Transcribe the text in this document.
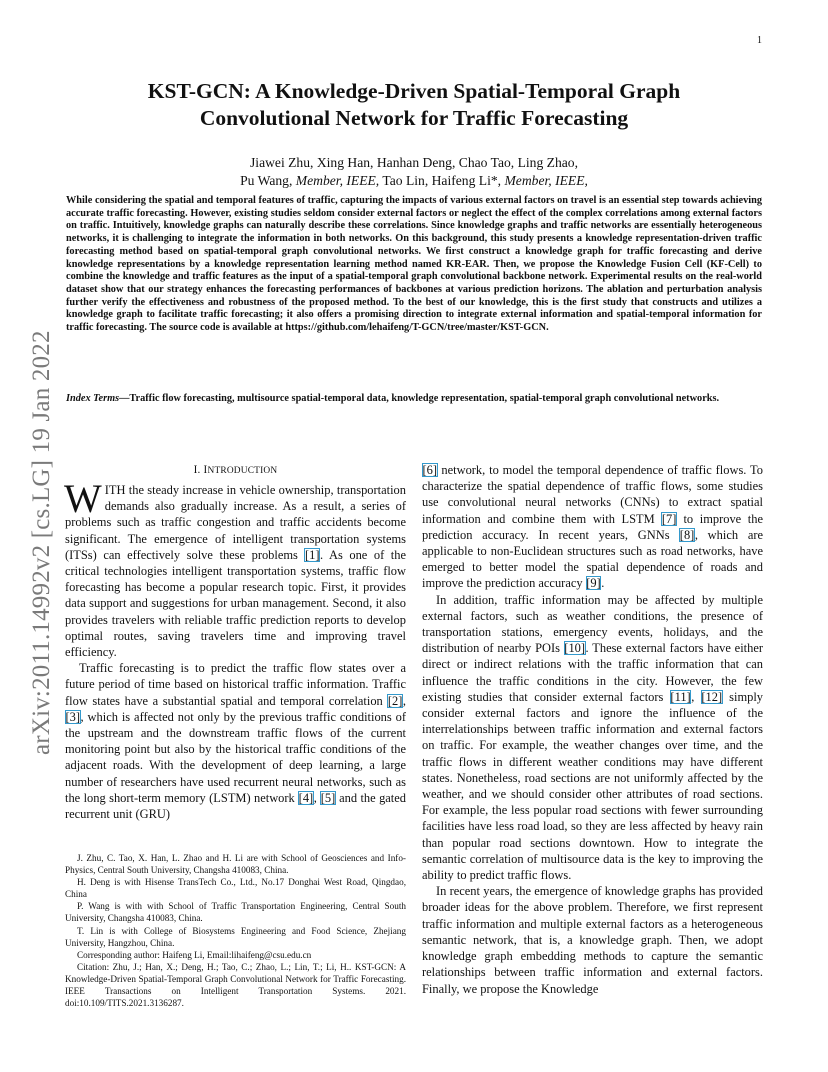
1
arXiv:2011.14992v2 [cs.LG] 19 Jan 2022
KST-GCN: A Knowledge-Driven Spatial-Temporal Graph
Convolutional Network for Traffic Forecasting
Jiawei Zhu, Xing Han, Hanhan Deng, Chao Tao, Ling Zhao,
Pu Wang, Member, IEEE, Tao Lin, Haifeng Li*, Member, IEEE,

While considering the spatial and temporal features of traffic, capturing the impacts of various external factors on travel is an essential step towards achieving accurate traffic forecasting. However, existing studies seldom consider external factors or neglect the effect of the complex correlations among external factors on traffic. Intuitively, knowledge graphs can naturally describe these correlations. Since knowledge graphs and traffic networks are essentially heterogeneous networks, it is challenging to integrate the information in both networks. On this background, this study presents a knowledge representation-driven traffic forecasting method based on spatial-temporal graph convolutional networks. We first construct a knowledge graph for traffic forecasting and derive knowledge representations by a knowledge representation learning method named KR-EAR. Then, we propose the Knowledge Fusion Cell (KF-Cell) to combine the knowledge and traffic features as the input of a spatial-temporal graph convolutional backbone network. Experimental results on the real-world dataset show that our strategy enhances the forecasting performances of backbones at various prediction horizons. The ablation and perturbation analysis further verify the effectiveness and robustness of the proposed method. To the best of our knowledge, this is the first study that constructs and utilizes a knowledge graph to facilitate traffic forecasting; it also offers a promising direction to integrate external information and spatial-temporal information for traffic forecasting. The source code is available at https://github.com/lehaifeng/T-GCN/tree/master/KST-GCN.

Index Terms—Traffic flow forecasting, multisource spatial-temporal data, knowledge representation, spatial-temporal graph convolutional networks.

I. INTRODUCTION

WITH the steady increase in vehicle ownership, transportation demands also gradually increase. As a result, a series of problems such as traffic congestion and traffic accidents become significant. The emergence of intelligent transportation systems (ITSs) can effectively solve these problems [1]. As one of the critical technologies intelligent transportation systems, traffic flow forecasting has become a popular research topic. First, it provides data support and suggestions for urban management. Second, it also provides travelers with reliable traffic prediction reports to develop optimal routes, saving travelers time and improving travel efficiency.

Traffic forecasting is to predict the traffic flow states over a future period of time based on historical traffic information. Traffic flow states have a substantial spatial and temporal correlation [2], [3], which is affected not only by the previous traffic conditions of the upstream and the downstream traffic flows of the current monitoring point but also by the historical traffic conditions of the adjacent roads. With the development of deep learning, a large number of researchers have used recurrent neural networks, such as the long short-term memory (LSTM) network [4], [5] and the gated recurrent unit (GRU)

J. Zhu, C. Tao, X. Han, L. Zhao and H. Li are with School of Geosciences and Info-Physics, Central South University, Changsha 410083, China.

H. Deng is with Hisense TransTech Co., Ltd., No.17 Donghai West Road, Qingdao, China

P. Wang is with with School of Traffic Transportation Engineering, Central South University, Changsha 410083, China.

T. Lin is with College of Biosystems Engineering and Food Science, Zhejiang University, Hangzhou, China.

Corresponding author: Haifeng Li, Email:lihaifeng@csu.edu.cn

Citation: Zhu, J.; Han, X.; Deng, H.; Tao, C.; Zhao, L.; Lin, T.; Li, H.. KST-GCN: A Knowledge-Driven Spatial-Temporal Graph Convolutional Network for Traffic Forecasting. IEEE Transactions on Intelligent Transportation Systems. 2021. doi:10.109/TITS.2021.3136287.

[6] network, to model the temporal dependence of traffic flows. To characterize the spatial dependence of traffic flows, some studies use convolutional neural networks (CNNs) to extract spatial information and combine them with LSTM [7] to improve the prediction accuracy. In recent years, GNNs [8], which are applicable to non-Euclidean structures such as road networks, have emerged to better model the spatial dependence of roads and improve the prediction accuracy [9].

In addition, traffic information may be affected by multiple external factors, such as weather conditions, the presence of transportation stations, emergency events, holidays, and the distribution of nearby POIs [10]. These external factors have either direct or indirect relations with the traffic information that can influence the traffic conditions in the city. However, the few existing studies that consider external factors [11], [12] simply consider external factors and ignore the influence of the interrelationships between traffic information and external factors on traffic. For example, the weather changes over time, and the traffic flows in different weather conditions may have different states. Nonetheless, road sections are not uniformly affected by the weather, and we should consider other attributes of road sections. For example, the less popular road sections with fewer surrounding facilities have less road load, so they are less affected by heavy rain than popular road sections downtown. How to integrate the semantic correlation of multisource data is the key to improving the ability to predict traffic flows.

In recent years, the emergence of knowledge graphs has provided broader ideas for the above problem. Therefore, we first represent traffic information and multiple external factors as a heterogeneous semantic network, that is, a knowledge graph. Then, we adopt knowledge graph embedding methods to capture the semantic relationships between traffic information and external factors. Finally, we propose the Knowledge
